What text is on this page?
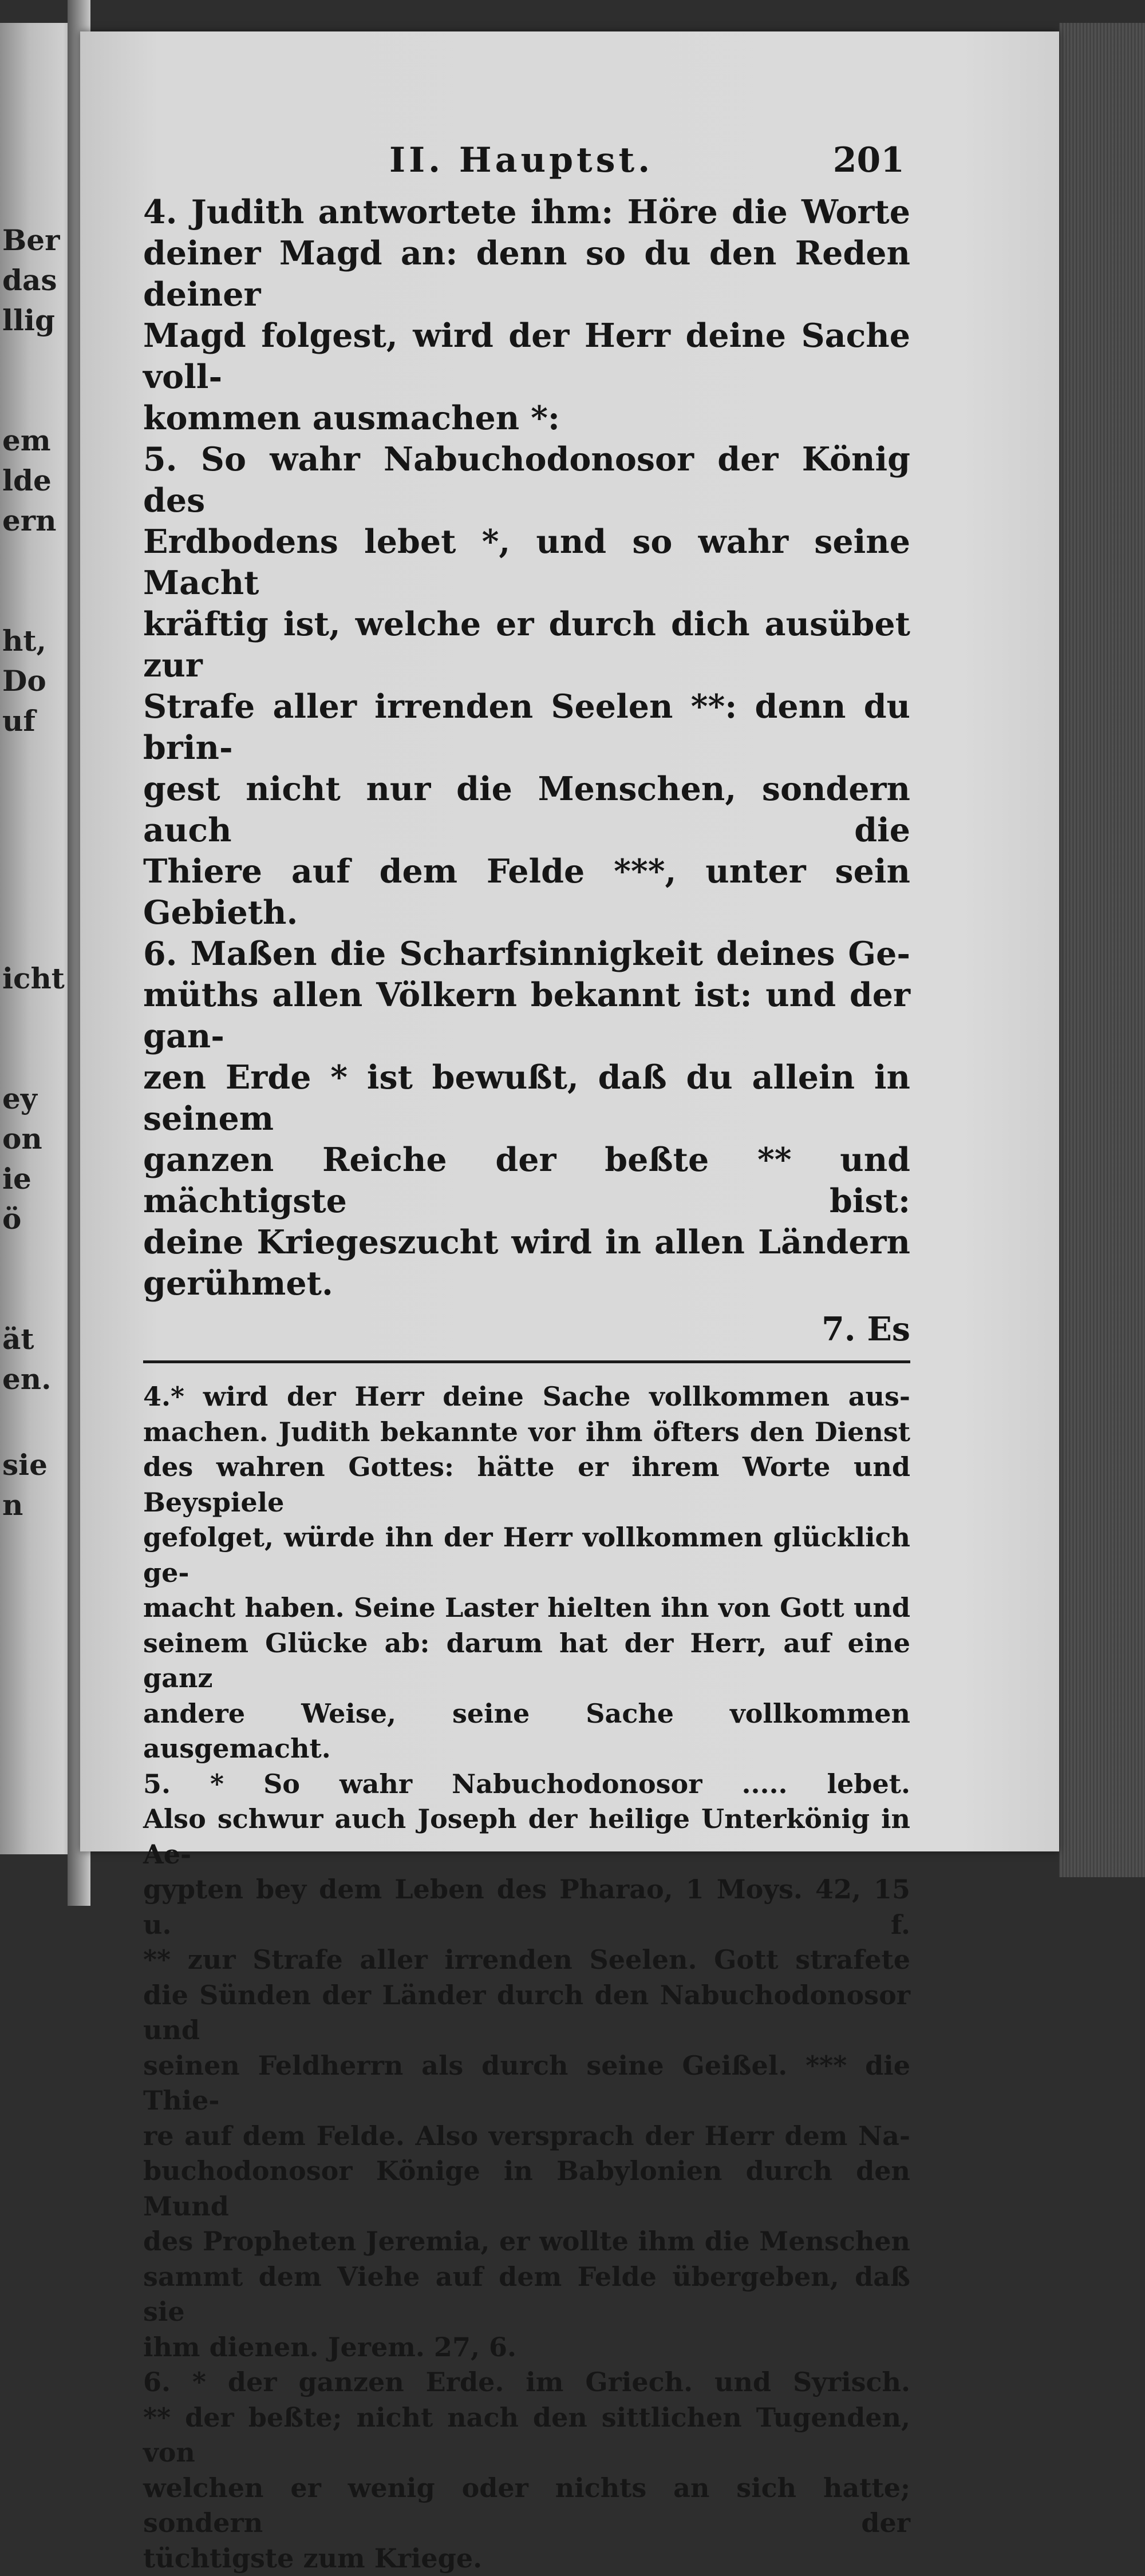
Ber
das
llig
em
lde
ern
ht,
Do
uf
icht
ey
on
ie
ö
ät
en.
sie
n
II. Hauptst.	201

4. Judith antwortete ihm: Höre die Worte

deiner Magd an: denn so du den Reden deiner

Magd folgest, wird der Herr deine Sache voll-

kommen ausmachen *:

5. So wahr Nabuchodonosor der König des

Erdbodens lebet *, und so wahr seine Macht

kräftig ist, welche er durch dich ausübet zur

Strafe aller irrenden Seelen **: denn du brin-

gest nicht nur die Menschen, sondern auch die

Thiere auf dem Felde ***, unter sein Gebieth.

6. Maßen die Scharfsinnigkeit deines Ge-

müths allen Völkern bekannt ist: und der gan-

zen Erde * ist bewußt, daß du allein in seinem

ganzen Reiche der beßte ** und mächtigste bist:

deine Kriegeszucht wird in allen Ländern gerühmet.

7. Es

4.* wird der Herr deine Sache vollkommen aus-

machen. Judith bekannte vor ihm öfters den Dienst

des wahren Gottes: hätte er ihrem Worte und Beyspiele

gefolget, würde ihn der Herr vollkommen glücklich ge-

macht haben. Seine Laster hielten ihn von Gott und

seinem Glücke ab: darum hat der Herr, auf eine ganz

andere Weise, seine Sache vollkommen ausgemacht.

5. * So wahr Nabuchodonosor ..... lebet.

Also schwur auch Joseph der heilige Unterkönig in Ae-

gypten bey dem Leben des Pharao, 1 Moys. 42, 15 u. f.

** zur Strafe aller irrenden Seelen. Gott strafete

die Sünden der Länder durch den Nabuchodonosor und

seinen Feldherrn als durch seine Geißel. *** die Thie-

re auf dem Felde. Also versprach der Herr dem Na-

buchodonosor Könige in Babylonien durch den Mund

des Propheten Jeremia, er wollte ihm die Menschen

sammt dem Viehe auf dem Felde übergeben, daß sie

ihm dienen. Jerem. 27, 6.

6. * der ganzen Erde. im Griech. und Syrisch.

** der beßte; nicht nach den sittlichen Tugenden, von

welchen er wenig oder nichts an sich hatte; sondern der

tüchtigste zum Kriege.
